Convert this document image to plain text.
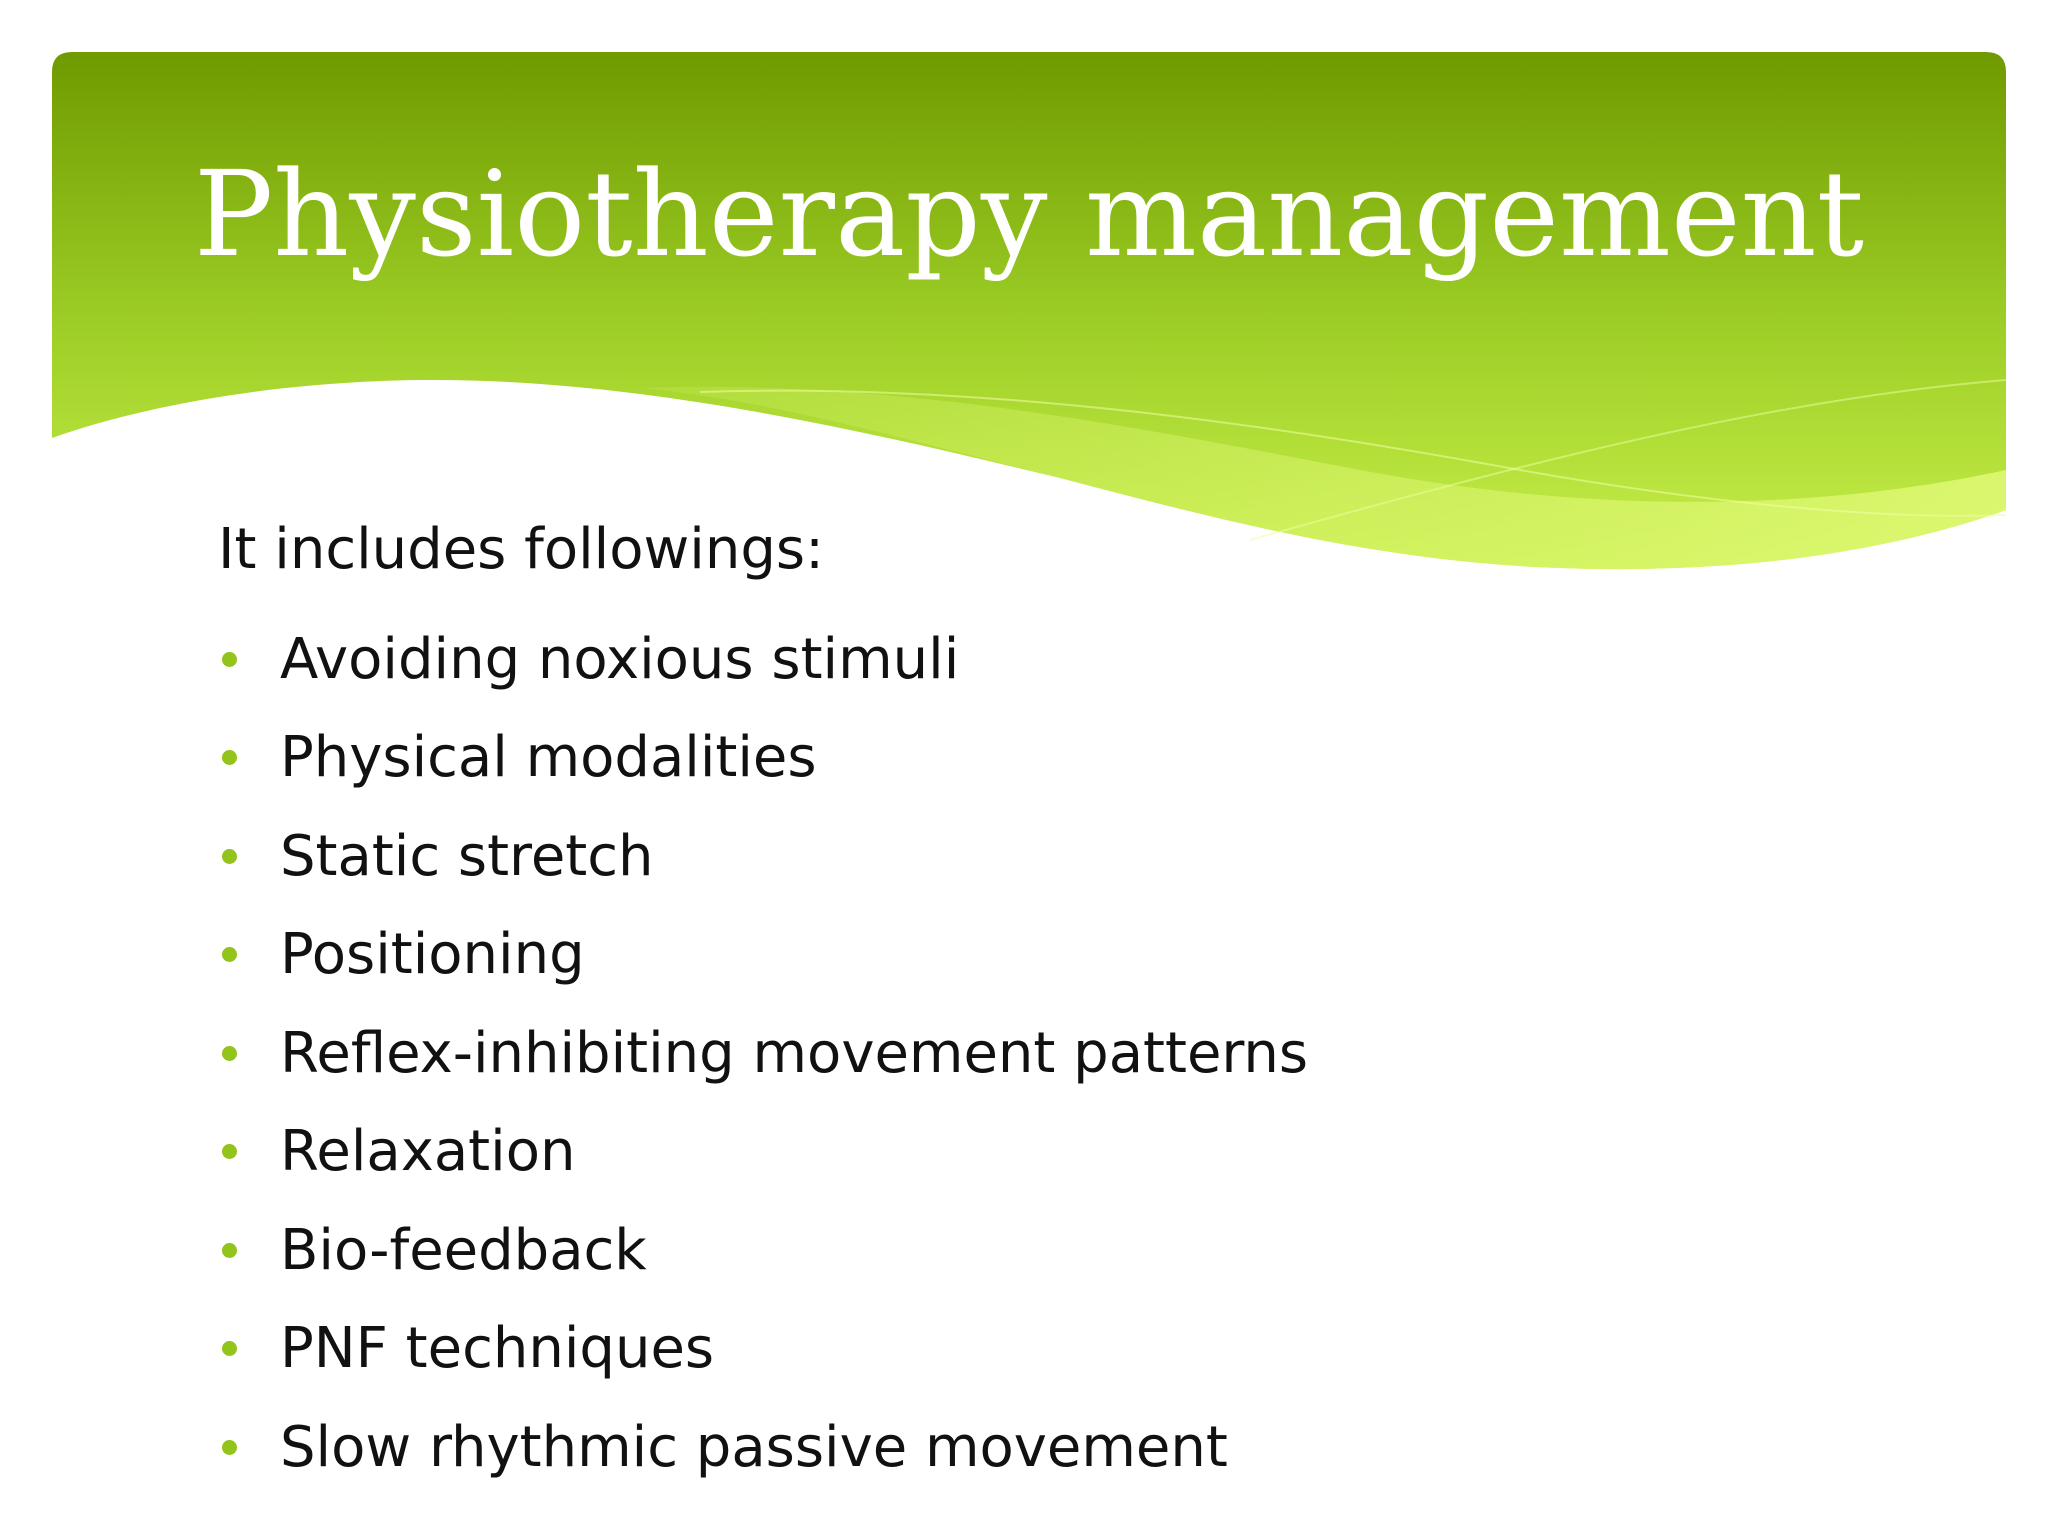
Physiotherapy management

It includes followings:

Avoiding noxious stimuli
Physical modalities
Static stretch
Positioning
Reflex-inhibiting movement patterns
Relaxation
Bio-feedback
PNF techniques
Slow rhythmic passive movement
